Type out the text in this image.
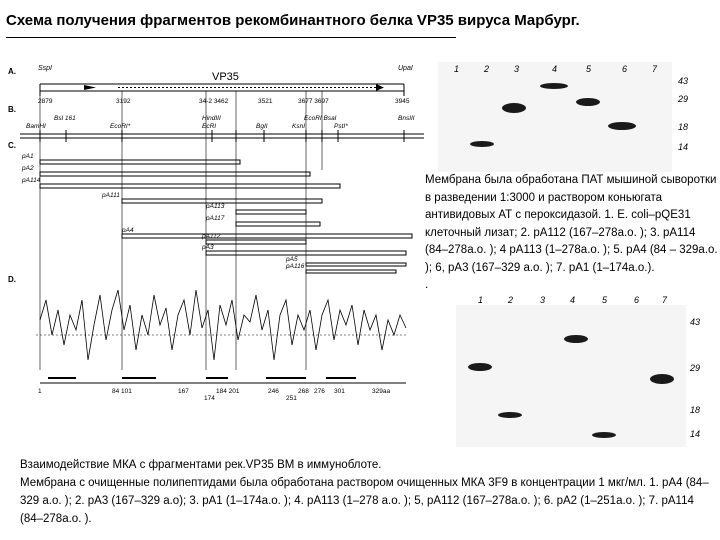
Схема получения фрагментов рекомбинантного белка VP35 вируса Марбург.
A.
B.
C.
D.
SspI	UpaI
VP35
2879	3192	34-2 3462	3521	3677 3697	3945
Bsl 161
BamHI	EcoRI*
HindIII
EcRI	BgII
EcoRI Bsal
KsnI	PstI*
BnsIII
pA1
pA2
pA114
pA111
pA113
pA117
pA4
pA112
pA3
pA5
pA116
1	84 101	167
174
184 201	246
251
268 276 301	329aa
1	2	3	4	5	6	7
43
29
18
14
1	2	3	4	5	6	7
43
29
18
14
Мембрана была обработана ПАТ мышиной сыворотки в разведении 1:3000 и раствором коньюгата антивидовых АТ с пероксидазой. 1. E. coli–pQE31 клеточный лизат; 2. pA112 (167–278а.о. ); 3. pA114 (84–278а.о. ); 4 pA113 (1–278а.о. ); 5. pA4 (84 – 329а.о. ); 6, pA3 (167–329 а.о. ); 7. pA1 (1–174а.о.).
.
Взаимодействие МКА с фрагментами рек.VP35 ВМ в иммуноблоте.
Мембрана с очищенные полипептидами была обработана раствором очищенных МКА 3F9 в концентрации 1 мкг/мл. 1. pA4 (84–329 а.о. ); 2. pA3 (167–329 а.о); 3. pA1 (1–174а.о. ); 4. pA113 (1–278 а.о. ); 5, pA112 (167–278а.о. ); 6. pA2 (1–251а.о. ); 7. pA114 (84–278а.о. ).
